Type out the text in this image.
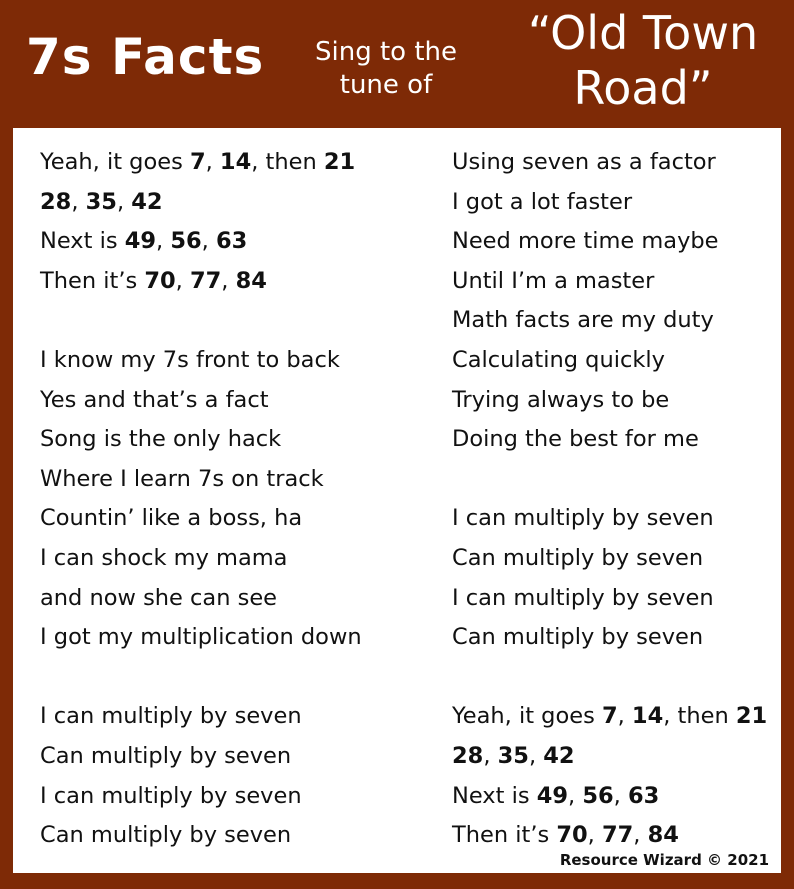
7s Facts	Sing to the
tune of
“Old Town
Road”
Yeah, it goes 7, 14, then 21
28, 35, 42
Next is 49, 56, 63
Then it’s 70, 77, 84
I know my 7s front to back
Yes and that’s a fact
Song is the only hack
Where I learn 7s on track
Countin’ like a boss, ha
I can shock my mama
and now she can see
I got my multiplication down
I can multiply by seven
Can multiply by seven
I can multiply by seven
Can multiply by seven
Using seven as a factor
I got a lot faster
Need more time maybe
Until I’m a master
Math facts are my duty
Calculating quickly
Trying always to be
Doing the best for me
I can multiply by seven
Can multiply by seven
I can multiply by seven
Can multiply by seven
Yeah, it goes 7, 14, then 21
28, 35, 42
Next is 49, 56, 63
Then it’s 70, 77, 84
Resource Wizard © 2021
